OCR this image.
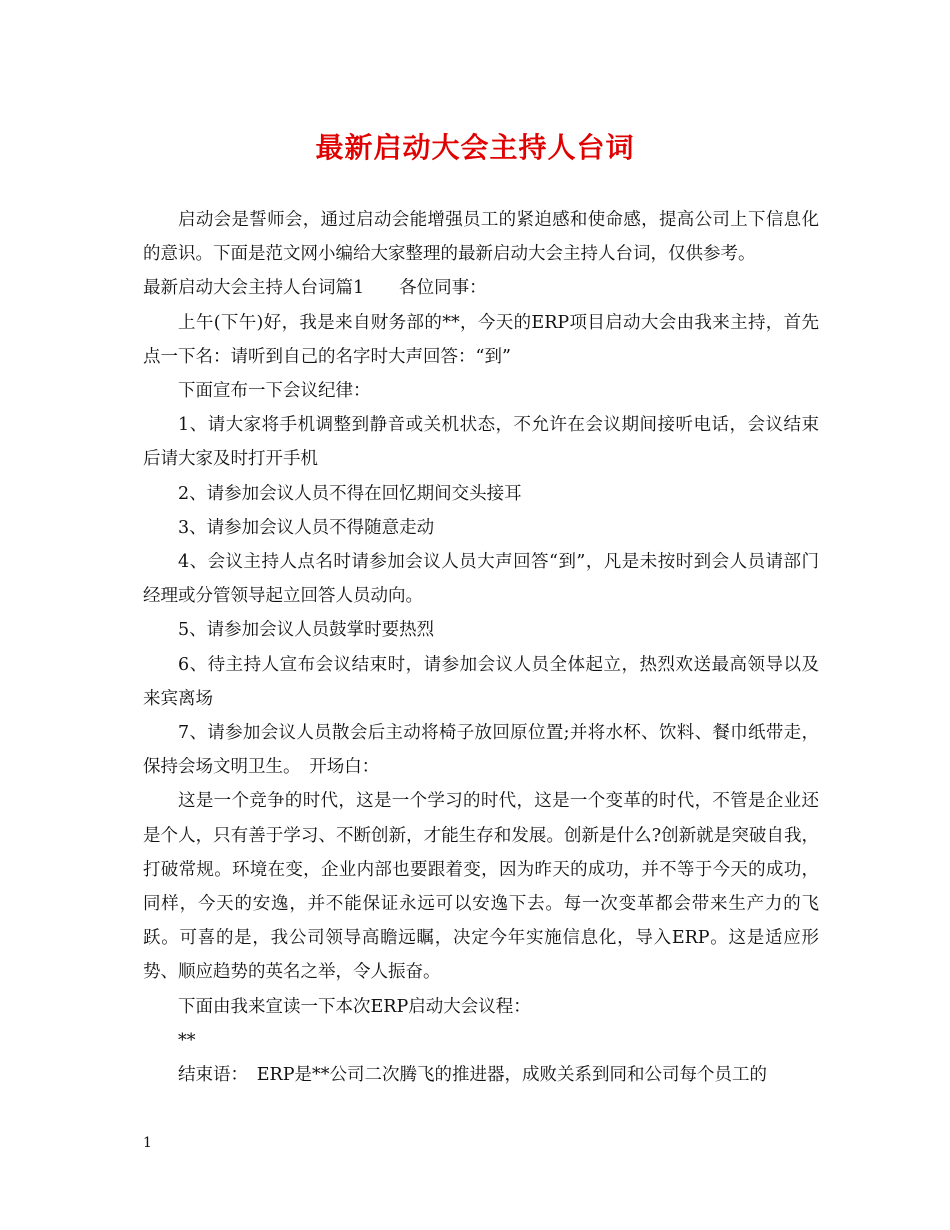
最新启动大会主持人台词

启动会是誓师会，通过启动会能增强员工的紧迫感和使命感，提高公司上下信息化的意识。下面是范文网小编给大家整理的最新启动大会主持人台词，仅供参考。

最新启动大会主持人台词篇1　　各位同事：

上午(下午)好，我是来自财务部的**，今天的ERP项目启动大会由我来主持，首先点一下名：请听到自己的名字时大声回答：“到”

下面宣布一下会议纪律：

1、请大家将手机调整到静音或关机状态，不允许在会议期间接听电话，会议结束后请大家及时打开手机

2、请参加会议人员不得在回忆期间交头接耳

3、请参加会议人员不得随意走动

4、会议主持人点名时请参加会议人员大声回答“到”，凡是未按时到会人员请部门经理或分管领导起立回答人员动向。

5、请参加会议人员鼓掌时要热烈

6、待主持人宣布会议结束时，请参加会议人员全体起立，热烈欢送最高领导以及来宾离场

7、请参加会议人员散会后主动将椅子放回原位置;并将水杯、饮料、餐巾纸带走，保持会场文明卫生。　开场白：

这是一个竞争的时代，这是一个学习的时代，这是一个变革的时代，不管是企业还是个人，只有善于学习、不断创新，才能生存和发展。创新是什么?创新就是突破自我，打破常规。环境在变，企业内部也要跟着变，因为昨天的成功，并不等于今天的成功，同样，今天的安逸，并不能保证永远可以安逸下去。每一次变革都会带来生产力的飞跃。可喜的是，我公司领导高瞻远瞩，决定今年实施信息化，导入ERP。这是适应形势、顺应趋势的英名之举，令人振奋。

下面由我来宣读一下本次ERP启动大会议程：

**

结束语：　ERP是**公司二次腾飞的推进器，成败关系到同和公司每个员工的

1
